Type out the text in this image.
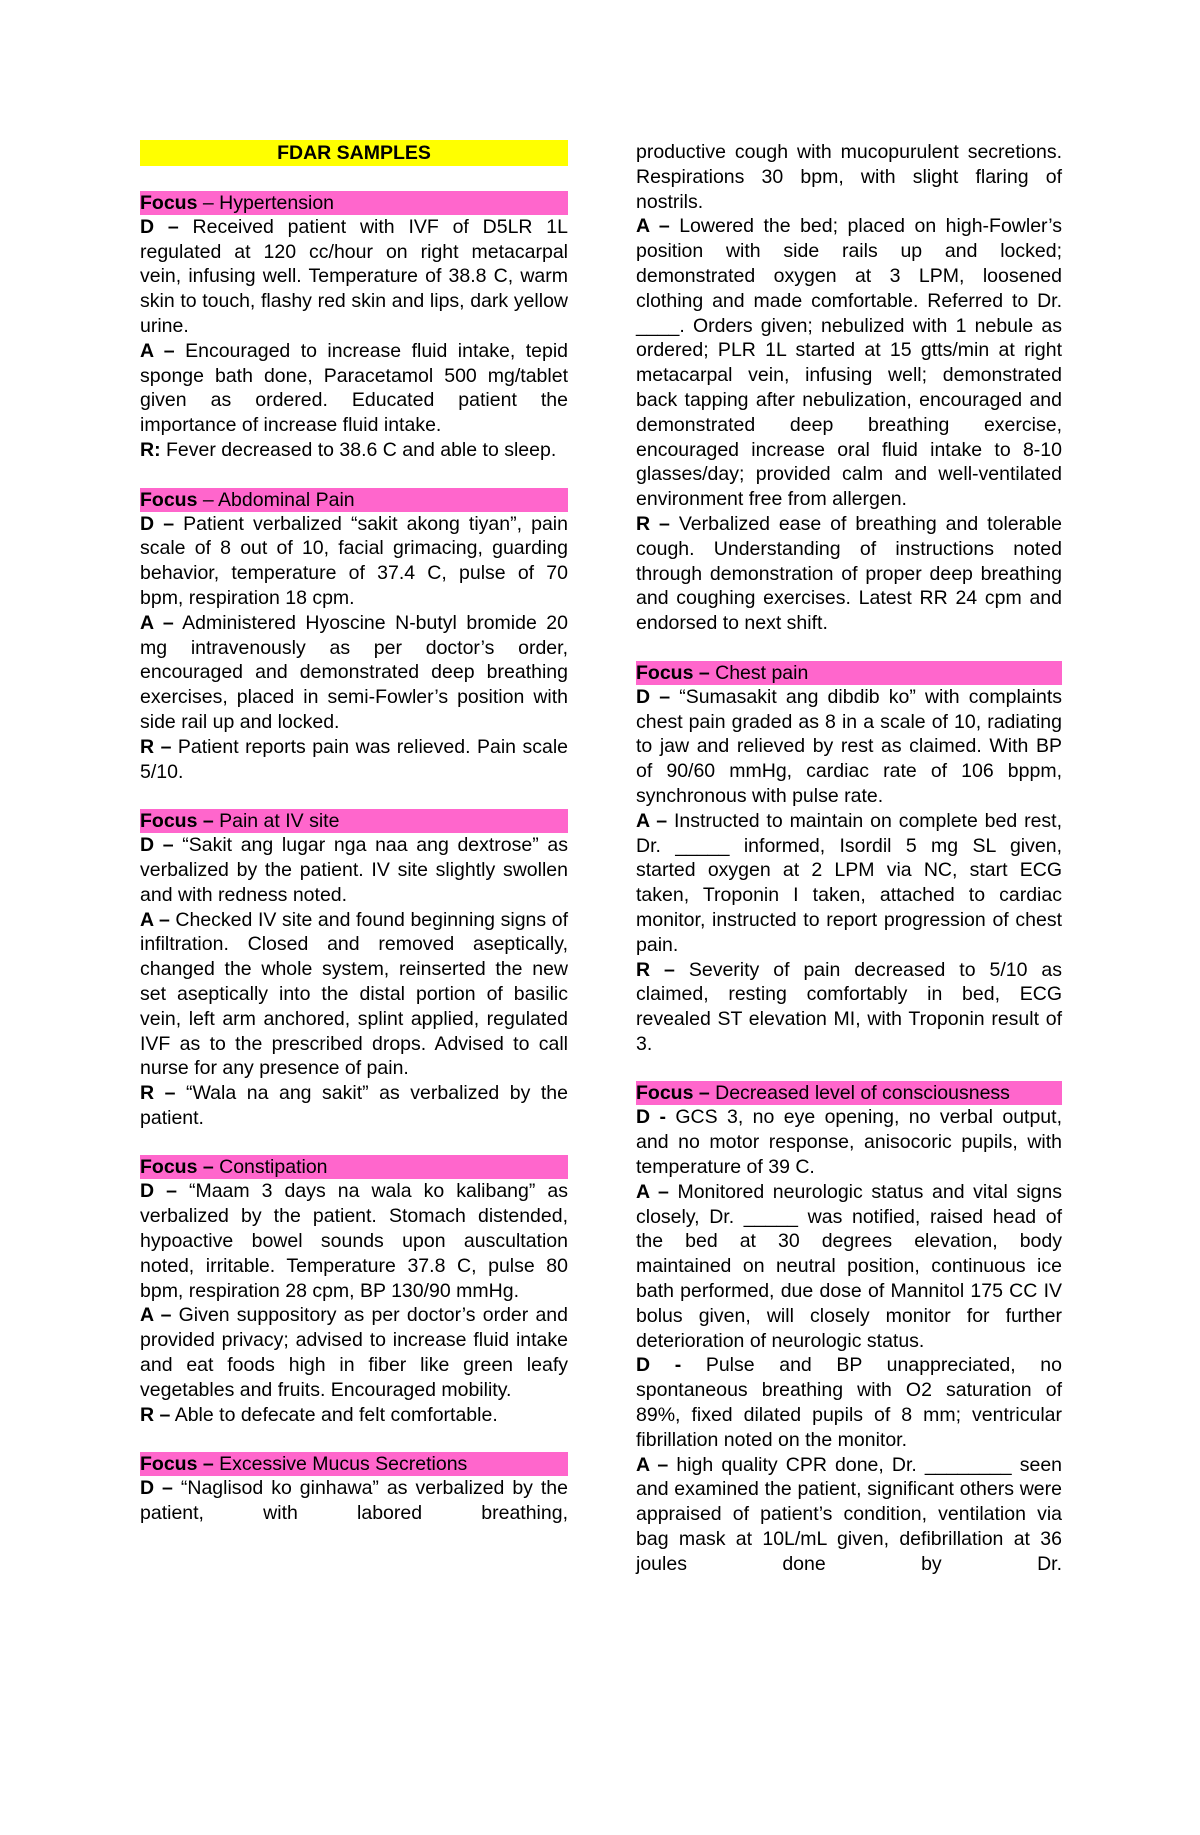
FDAR SAMPLES
Focus – Hypertension

D – Received patient with IVF of D5LR 1L regulated at 120 cc/hour on right metacarpal vein, infusing well. Temperature of 38.8 C, warm skin to touch, flashy red skin and lips, dark yellow urine.

A – Encouraged to increase fluid intake, tepid sponge bath done, Paracetamol 500 mg/tablet given as ordered. Educated patient the importance of increase fluid intake.

R: Fever decreased to 38.6 C and able to sleep.

Focus – Abdominal Pain

D – Patient verbalized “sakit akong tiyan”, pain scale of 8 out of 10, facial grimacing, guarding behavior, temperature of 37.4 C, pulse of 70 bpm, respiration 18 cpm.

A – Administered Hyoscine N-butyl bromide 20 mg intravenously as per doctor’s order, encouraged and demonstrated deep breathing exercises, placed in semi-Fowler’s position with side rail up and locked.

R – Patient reports pain was relieved. Pain scale 5/10.

Focus – Pain at IV site

D – “Sakit ang lugar nga naa ang dextrose” as verbalized by the patient. IV site slightly swollen and with redness noted.

A – Checked IV site and found beginning signs of infiltration. Closed and removed aseptically, changed the whole system, reinserted the new set aseptically into the distal portion of basilic vein, left arm anchored, splint applied, regulated IVF as to the prescribed drops. Advised to call nurse for any presence of pain.

R – “Wala na ang sakit” as verbalized by the patient.

Focus – Constipation

D – “Maam 3 days na wala ko kalibang” as verbalized by the patient. Stomach distended, hypoactive bowel sounds upon auscultation noted, irritable. Temperature 37.8 C, pulse 80 bpm, respiration 28 cpm, BP 130/90 mmHg.

A – Given suppository as per doctor’s order and provided privacy; advised to increase fluid intake and eat foods high in fiber like green leafy vegetables and fruits. Encouraged mobility.

R – Able to defecate and felt comfortable.

Focus – Excessive Mucus Secretions

D – “Naglisod ko ginhawa” as verbalized by the patient, with labored breathing,

productive cough with mucopurulent secretions. Respirations 30 bpm, with slight flaring of nostrils.

A – Lowered the bed; placed on high-Fowler’s position with side rails up and locked; demonstrated oxygen at 3 LPM, loosened clothing and made comfortable. Referred to Dr. ____. Orders given; nebulized with 1 nebule as ordered; PLR 1L started at 15 gtts/min at right metacarpal vein, infusing well; demonstrated back tapping after nebulization, encouraged and demonstrated deep breathing exercise, encouraged increase oral fluid intake to 8-10 glasses/day; provided calm and well-ventilated environment free from allergen.

R – Verbalized ease of breathing and tolerable cough. Understanding of instructions noted through demonstration of proper deep breathing and coughing exercises. Latest RR 24 cpm and endorsed to next shift.

Focus – Chest pain

D – “Sumasakit ang dibdib ko” with complaints chest pain graded as 8 in a scale of 10, radiating to jaw and relieved by rest as claimed. With BP of 90/60 mmHg, cardiac rate of 106 bppm, synchronous with pulse rate.

A – Instructed to maintain on complete bed rest, Dr. _____ informed, Isordil 5 mg SL given, started oxygen at 2 LPM via NC, start ECG taken, Troponin I taken, attached to cardiac monitor, instructed to report progression of chest pain.

R – Severity of pain decreased to 5/10 as claimed, resting comfortably in bed, ECG revealed ST elevation MI, with Troponin result of 3.

Focus – Decreased level of consciousness

D - GCS 3, no eye opening, no verbal output, and no motor response, anisocoric pupils, with temperature of 39 C.

A – Monitored neurologic status and vital signs closely, Dr. _____ was notified, raised head of the bed at 30 degrees elevation, body maintained on neutral position, continuous ice bath performed, due dose of Mannitol 175 CC IV bolus given, will closely monitor for further deterioration of neurologic status.

D - Pulse and BP unappreciated, no spontaneous breathing with O2 saturation of 89%, fixed dilated pupils of 8 mm; ventricular fibrillation noted on the monitor.

A – high quality CPR done, Dr. ________ seen and examined the patient, significant others were appraised of patient’s condition, ventilation via bag mask at 10L/mL given, defibrillation at 36 joules done by Dr.
